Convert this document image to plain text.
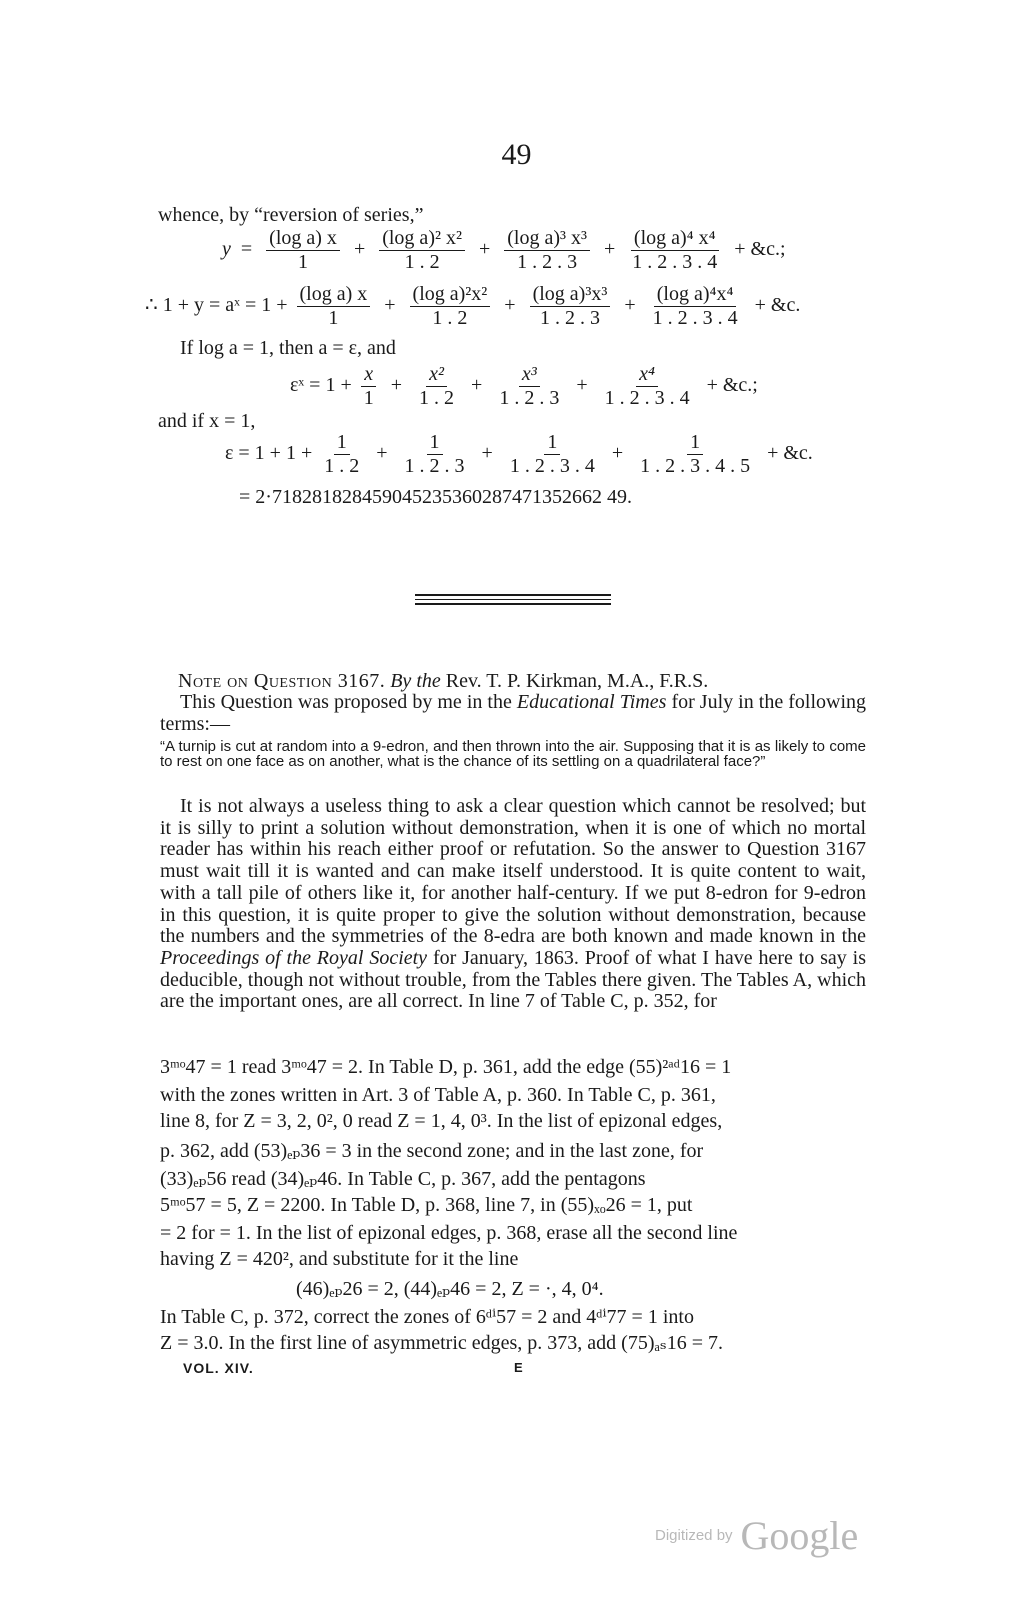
49
whence, by “reversion of series,”
$y = \frac{\text{(log a) x}}{1} + \frac{\text{(log a)² x²}}{1 . 2} + \frac{\text{(log a)³ x³}}{1 . 2 . 3} + \frac{\text{(log a)⁴ x⁴}}{1 . 2 . 3 . 4}$ + &c.;
∴ 1 + y = aˣ = $1 + \frac{\text{(log a) x}}{1} + \frac{\text{(log a)²x²}}{1 . 2} + \frac{\text{(log a)³x³}}{1 . 2 . 3} + \frac{\text{(log a)⁴x⁴}}{1 . 2 . 3 . 4}$ + &c.
If log a = 1, then a = ε, and
εˣ = $1 + \frac{x}{1} + \frac{\text{x²}}{1 . 2} + \frac{\text{x³}}{1 . 2 . 3} + \frac{\text{x⁴}}{1 . 2 . 3 . 4}$ + &c.;
and if x = 1,
$\varepsilon = 1 + 1 + \frac{1}{1 . 2} + \frac{1}{1 . 2 . 3} + \frac{1}{1 . 2 . 3 . 4} + \frac{1}{1 . 2 . 3 . 4 . 5}$ + &c.
= 2·718281828459045235360287471352662 49.
Note on Question 3167. By the Rev. T. P. Kirkman, M.A., F.R.S.
This Question was proposed by me in the Educational Times for July in the following terms:—
“A turnip is cut at random into a 9-edron, and then thrown into the air. Supposing that it is as likely to come to rest on one face as on another, what is the chance of its settling on a quadrilateral face?”
It is not always a useless thing to ask a clear question which cannot be resolved; but it is silly to print a solution without demonstration, when it is one of which no mortal reader has within his reach either proof or refutation. So the answer to Question 3167 must wait till it is wanted and can make itself understood. It is quite content to wait, with a tall pile of others like it, for another half-century. If we put 8-edron for 9-edron in this question, it is quite proper to give the solution without demonstration, because the numbers and the symmetries of the 8-edra are both known and made known in the Proceedings of the Royal Society for January, 1863. Proof of what I have here to say is deducible, though not without trouble, from the Tables there given. The Tables A, which are the important ones, are all correct. In line 7 of Table C, p. 352, for
3ᵐᵒ47 = 1 read 3ᵐᵒ47 = 2. In Table D, p. 361, add the edge (55)²ᵃᵈ16 = 1
with the zones written in Art. 3 of Table A, p. 360. In Table C, p. 361,
line 8, for Z = 3, 2, 0², 0 read Z = 1, 4, 0³. In the list of epizonal edges,
p. 362, add (53)ₑₚ36 = 3 in the second zone; and in the last zone, for
(33)ₑₚ56 read (34)ₑₚ46. In Table C, p. 367, add the pentagons
5ᵐᵒ57 = 5, Z = 2200. In Table D, p. 368, line 7, in (55)ₓₒ26 = 1, put
= 2 for = 1. In the list of epizonal edges, p. 368, erase all the second line
having Z = 420², and substitute for it the line
(46)ₑₚ26 = 2, (44)ₑₚ46 = 2, Z = ·, 4, 0⁴.
In Table C, p. 372, correct the zones of 6ᵈⁱ57 = 2 and 4ᵈⁱ77 = 1 into
Z = 3.0. In the first line of asymmetric edges, p. 373, add (75)ₐₛ16 = 7.
VOL. XIV.	E
Digitized by Google
